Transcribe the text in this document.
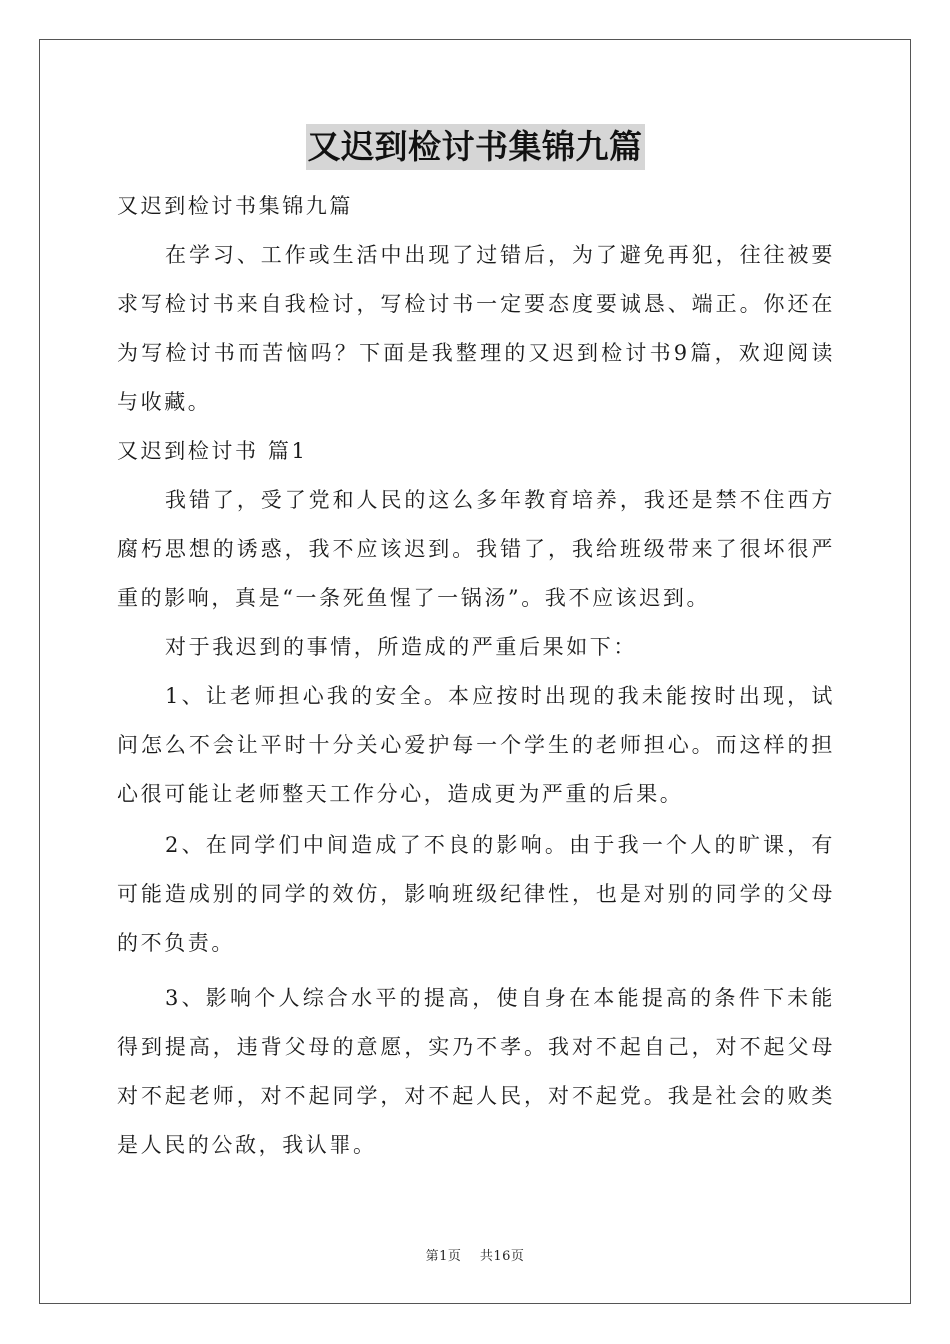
又迟到检讨书集锦九篇

又迟到检讨书集锦九篇

在学习、工作或生活中出现了过错后，为了避免再犯，往往被要求写检讨书来自我检讨，写检讨书一定要态度要诚恳、端正。你还在为写检讨书而苦恼吗？下面是我整理的又迟到检讨书9篇，欢迎阅读与收藏。

又迟到检讨书 篇1

我错了，受了党和人民的这么多年教育培养，我还是禁不住西方腐朽思想的诱惑，我不应该迟到。我错了，我给班级带来了很坏很严重的影响，真是“一条死鱼惺了一锅汤”。我不应该迟到。

对于我迟到的事情，所造成的严重后果如下：

1、让老师担心我的安全。本应按时出现的我未能按时出现，试问怎么不会让平时十分关心爱护每一个学生的老师担心。而这样的担心很可能让老师整天工作分心，造成更为严重的后果。

2、在同学们中间造成了不良的影响。由于我一个人的旷课，有可能造成别的同学的效仿，影响班级纪律性，也是对别的同学的父母的不负责。

3、影响个人综合水平的提高，使自身在本能提高的条件下未能得到提高，违背父母的意愿，实乃不孝。我对不起自己，对不起父母对不起老师，对不起同学，对不起人民，对不起党。我是社会的败类是人民的公敌，我认罪。

第1页 共16页
